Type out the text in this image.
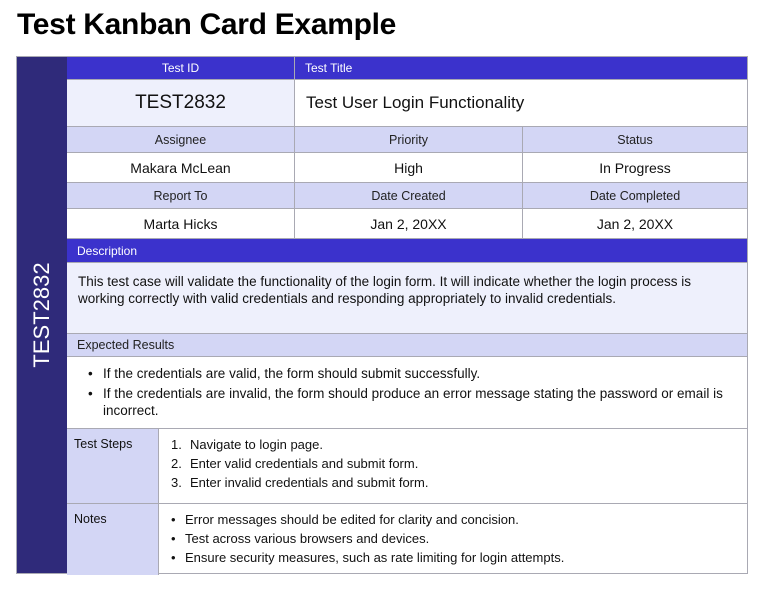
Test Kanban Card Example
TEST2832
Test ID	Test Title
TEST2832	Test User Login Functionality
Assignee	Priority	Status
Makara McLean	High	In Progress
Report To	Date Created	Date Completed
Marta Hicks	Jan 2, 20XX	Jan 2, 20XX
Description
This test case will validate the functionality of the login form. It will indicate whether the login process is working correctly with valid credentials and responding appropriately to invalid credentials.
Expected Results
• If the credentials are valid, the form should submit successfully.
• If the credentials are invalid, the form should produce an error message stating the password or email is incorrect.
Test Steps	1. Navigate to login page.
2. Enter valid credentials and submit form.
3. Enter invalid credentials and submit form.
Notes
•	Error messages should be edited for clarity and concision.
• Test across various browsers and devices.
• Ensure security measures, such as rate limiting for login attempts.
